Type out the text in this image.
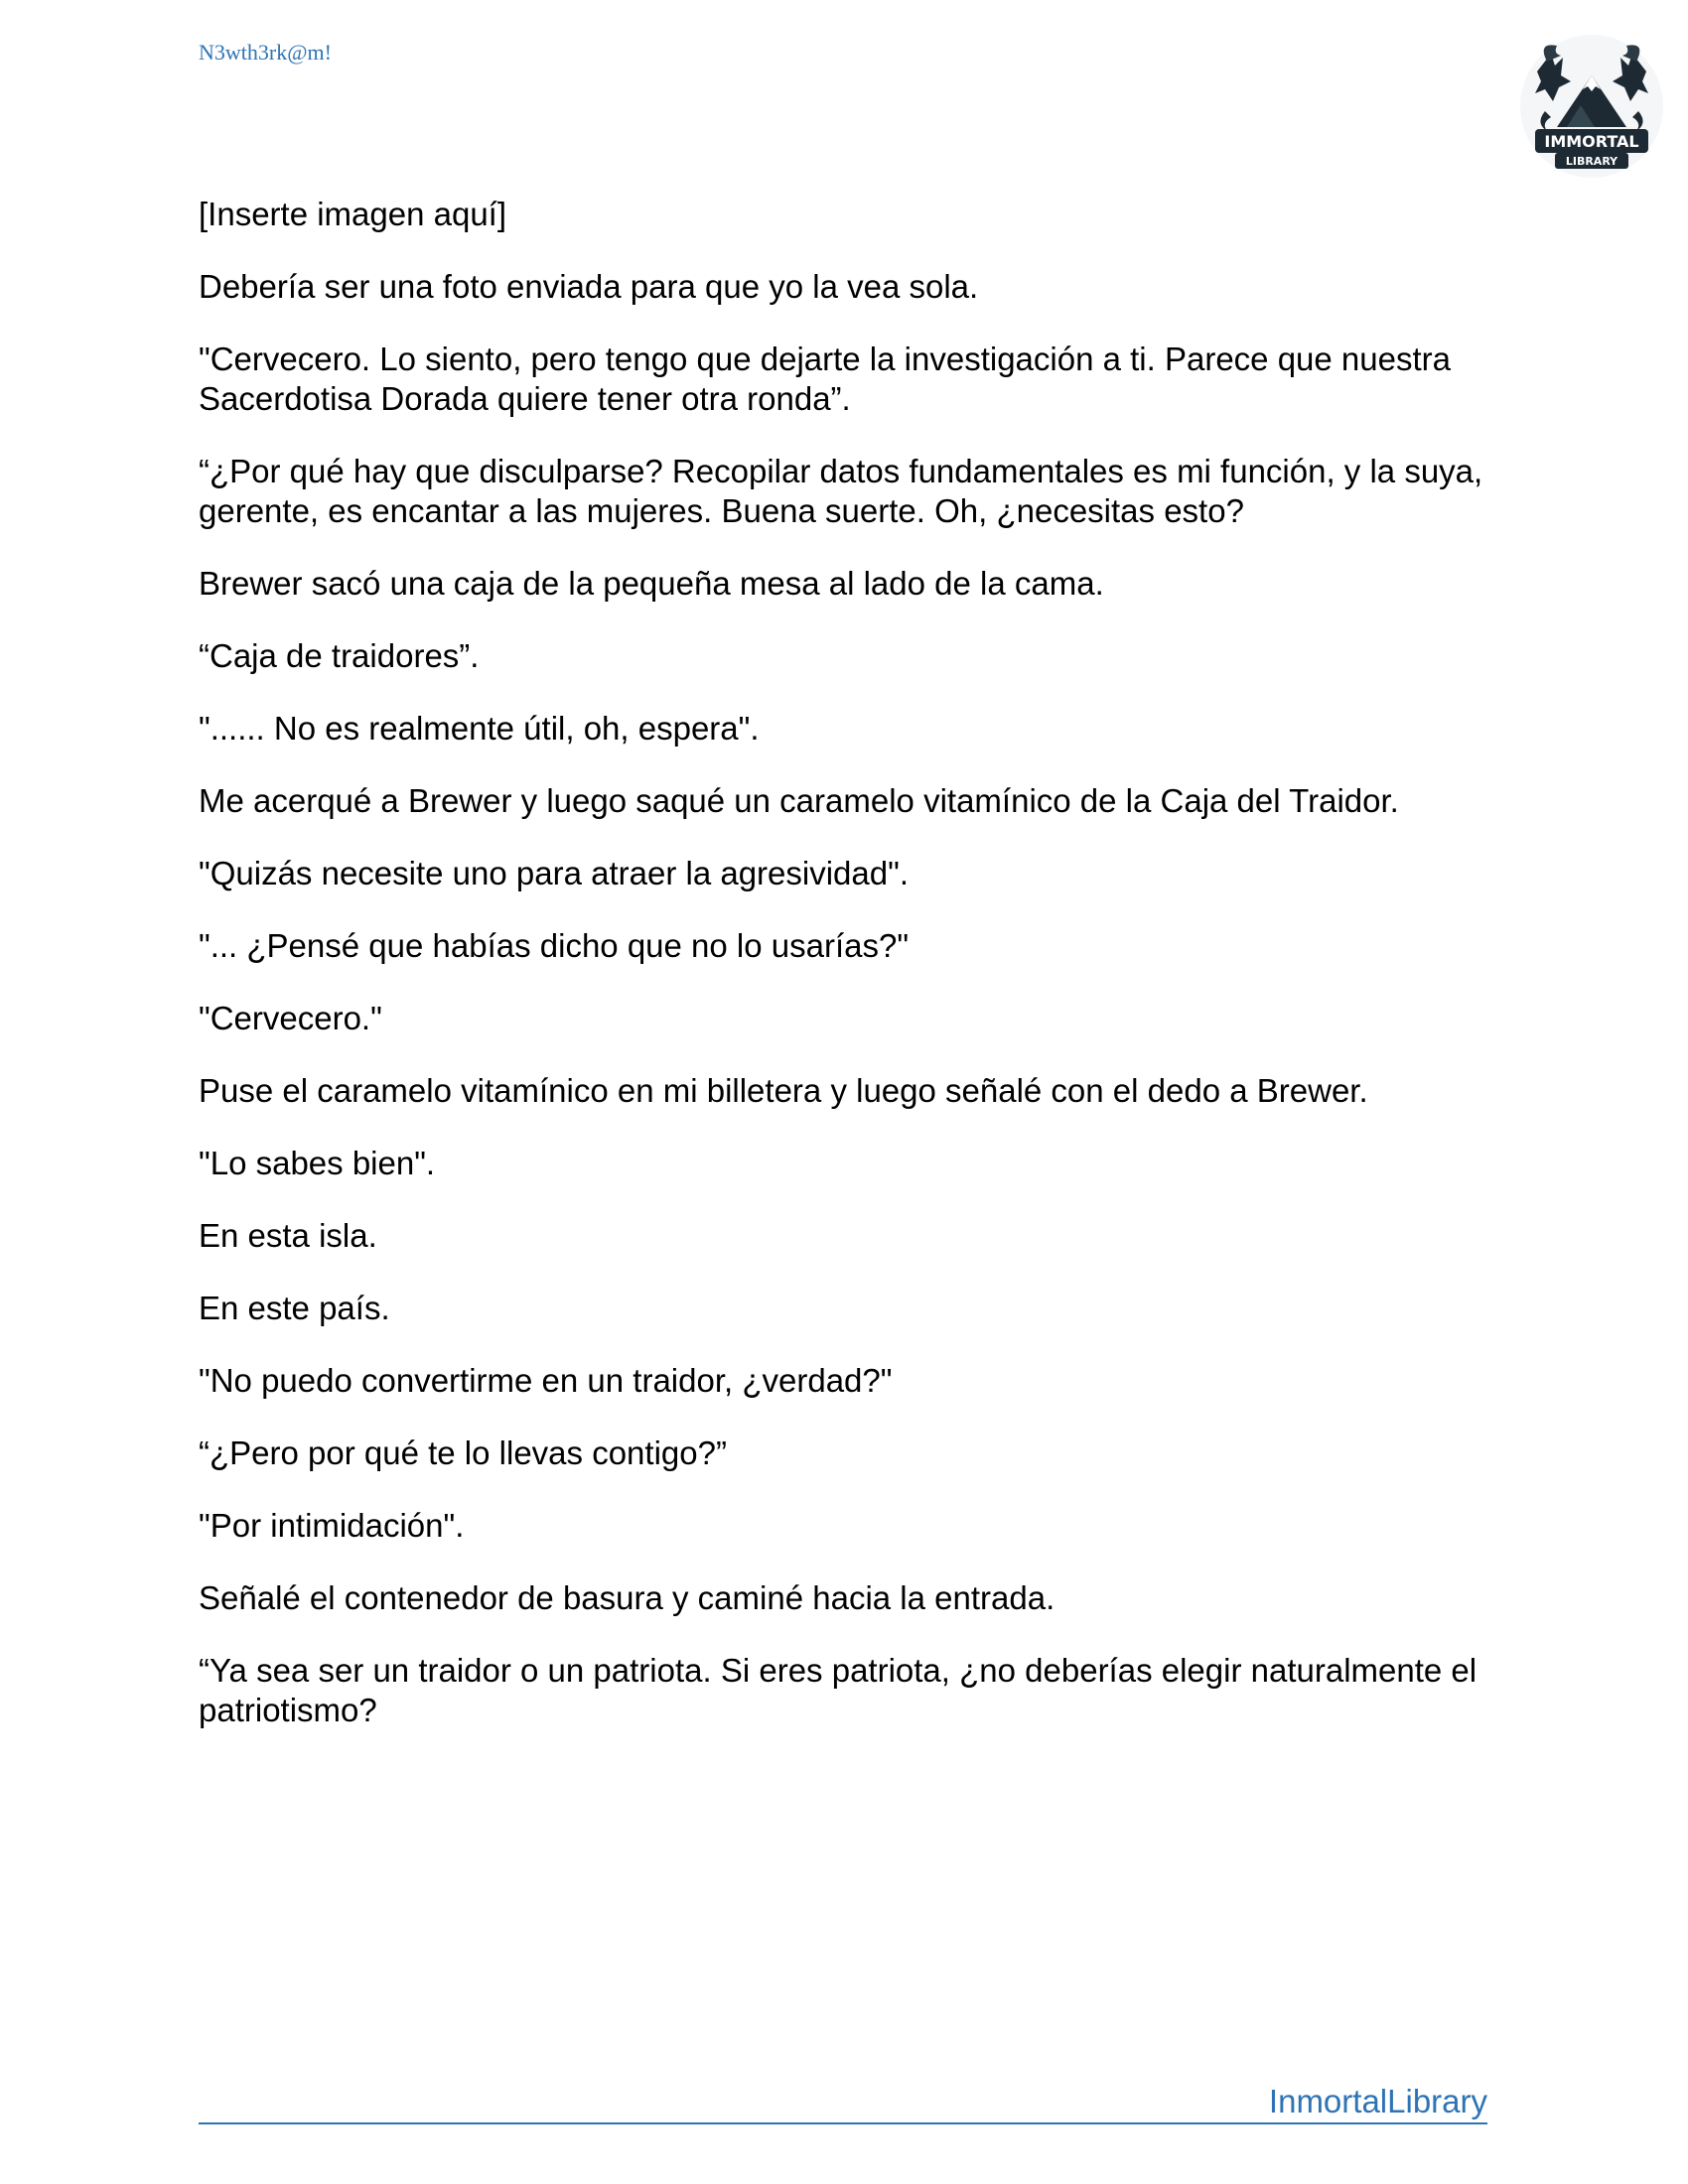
N3wth3rk@m!
IMMORTAL
LIBRARY

[Inserte imagen aquí]

Debería ser una foto enviada para que yo la vea sola.

"Cervecero. Lo siento, pero tengo que dejarte la investigación a ti. Parece que nuestra Sacerdotisa Dorada quiere tener otra ronda”.

“¿Por qué hay que disculparse? Recopilar datos fundamentales es mi función, y la suya, gerente, es encantar a las mujeres. Buena suerte. Oh, ¿necesitas esto?

Brewer sacó una caja de la pequeña mesa al lado de la cama.

“Caja de traidores”.

"...... No es realmente útil, oh, espera".

Me acerqué a Brewer y luego saqué un caramelo vitamínico de la Caja del Traidor.

"Quizás necesite uno para atraer la agresividad".

"... ¿Pensé que habías dicho que no lo usarías?"

"Cervecero."

Puse el caramelo vitamínico en mi billetera y luego señalé con el dedo a Brewer.

"Lo sabes bien".

En esta isla.

En este país.

"No puedo convertirme en un traidor, ¿verdad?"

“¿Pero por qué te lo llevas contigo?”

"Por intimidación".

Señalé el contenedor de basura y caminé hacia la entrada.

“Ya sea ser un traidor o un patriota. Si eres patriota, ¿no deberías elegir naturalmente el patriotismo?

InmortalLibrary
